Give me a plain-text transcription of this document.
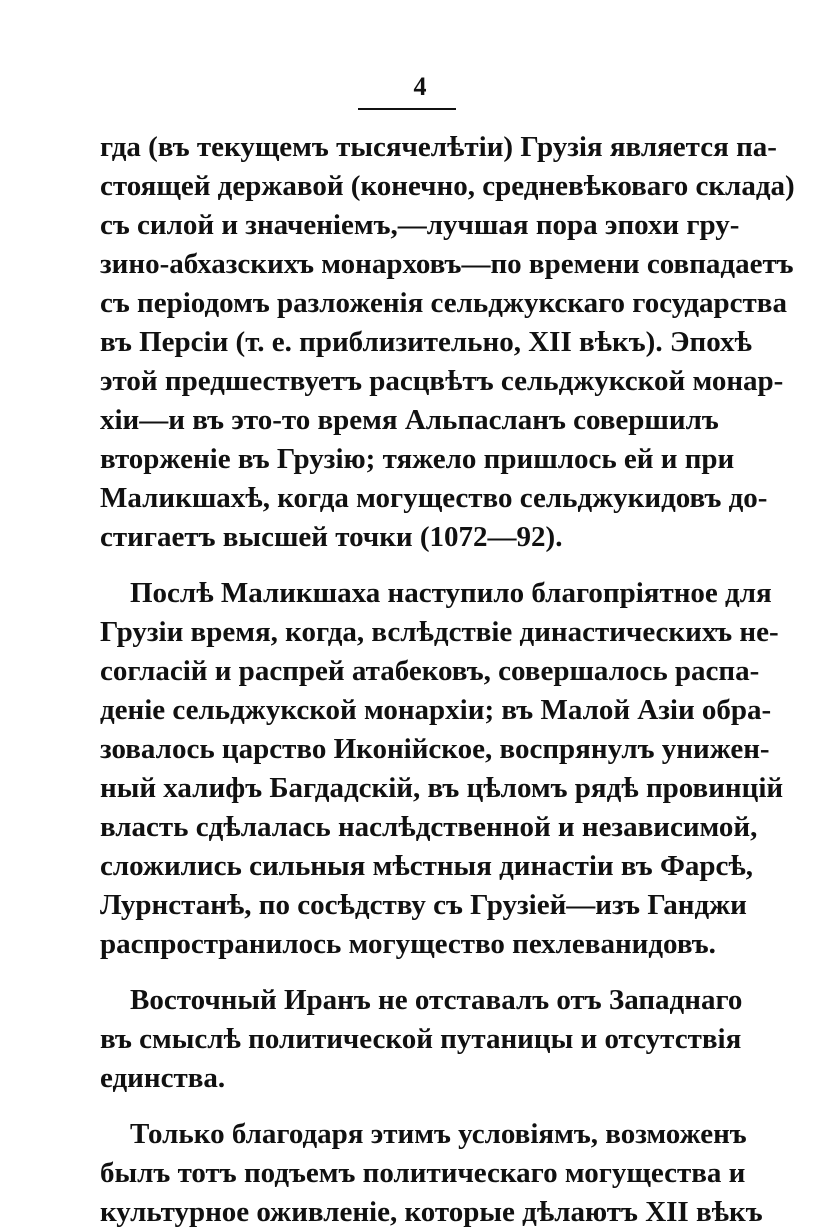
4
гда (въ текущемъ тысячелѣтіи) Грузія является па-
стоящей державой (конечно, средневѣковаго склада)
съ силой и значеніемъ,—лучшая пора эпохи гру-
зино-абхазскихъ монарховъ—по времени совпадаетъ
съ періодомъ разложенія сельджукскаго государства
въ Персіи (т. е. приблизительно, XII вѣкъ). Эпохѣ
этой предшествуетъ расцвѣтъ сельджукской монар-
хіи—и въ это-то время Альпасланъ совершилъ
вторженіе въ Грузію; тяжело пришлось ей и при
Маликшахѣ, когда могущество сельджукидовъ до-
стигаетъ высшей точки (1072—92).
Послѣ Маликшаха наступило благопріятное для
Грузіи время, когда, вслѣдствіе династическихъ не-
согласій и распрей атабековъ, совершалось распа-
деніе сельджукской монархіи; въ Малой Азіи обра-
зовалось царство Иконійское, воспрянулъ унижен-
ный халифъ Багдадскій, въ цѣломъ рядѣ провинцій
власть сдѣлалась наслѣдственной и независимой,
сложились сильныя мѣстныя династіи въ Фарсѣ,
Лурнстанѣ, по сосѣдству съ Грузіей—изъ Ганджи
распространилось могущество пехлеванидовъ.
Восточный Иранъ не отставалъ отъ Западнаго
въ смыслѣ политической путаницы и отсутствія
единства.
Только благодаря этимъ условіямъ, возможенъ
былъ тотъ подъемъ политическаго могущества и
культурное оживленіе, которые дѣлаютъ XII вѣкъ
